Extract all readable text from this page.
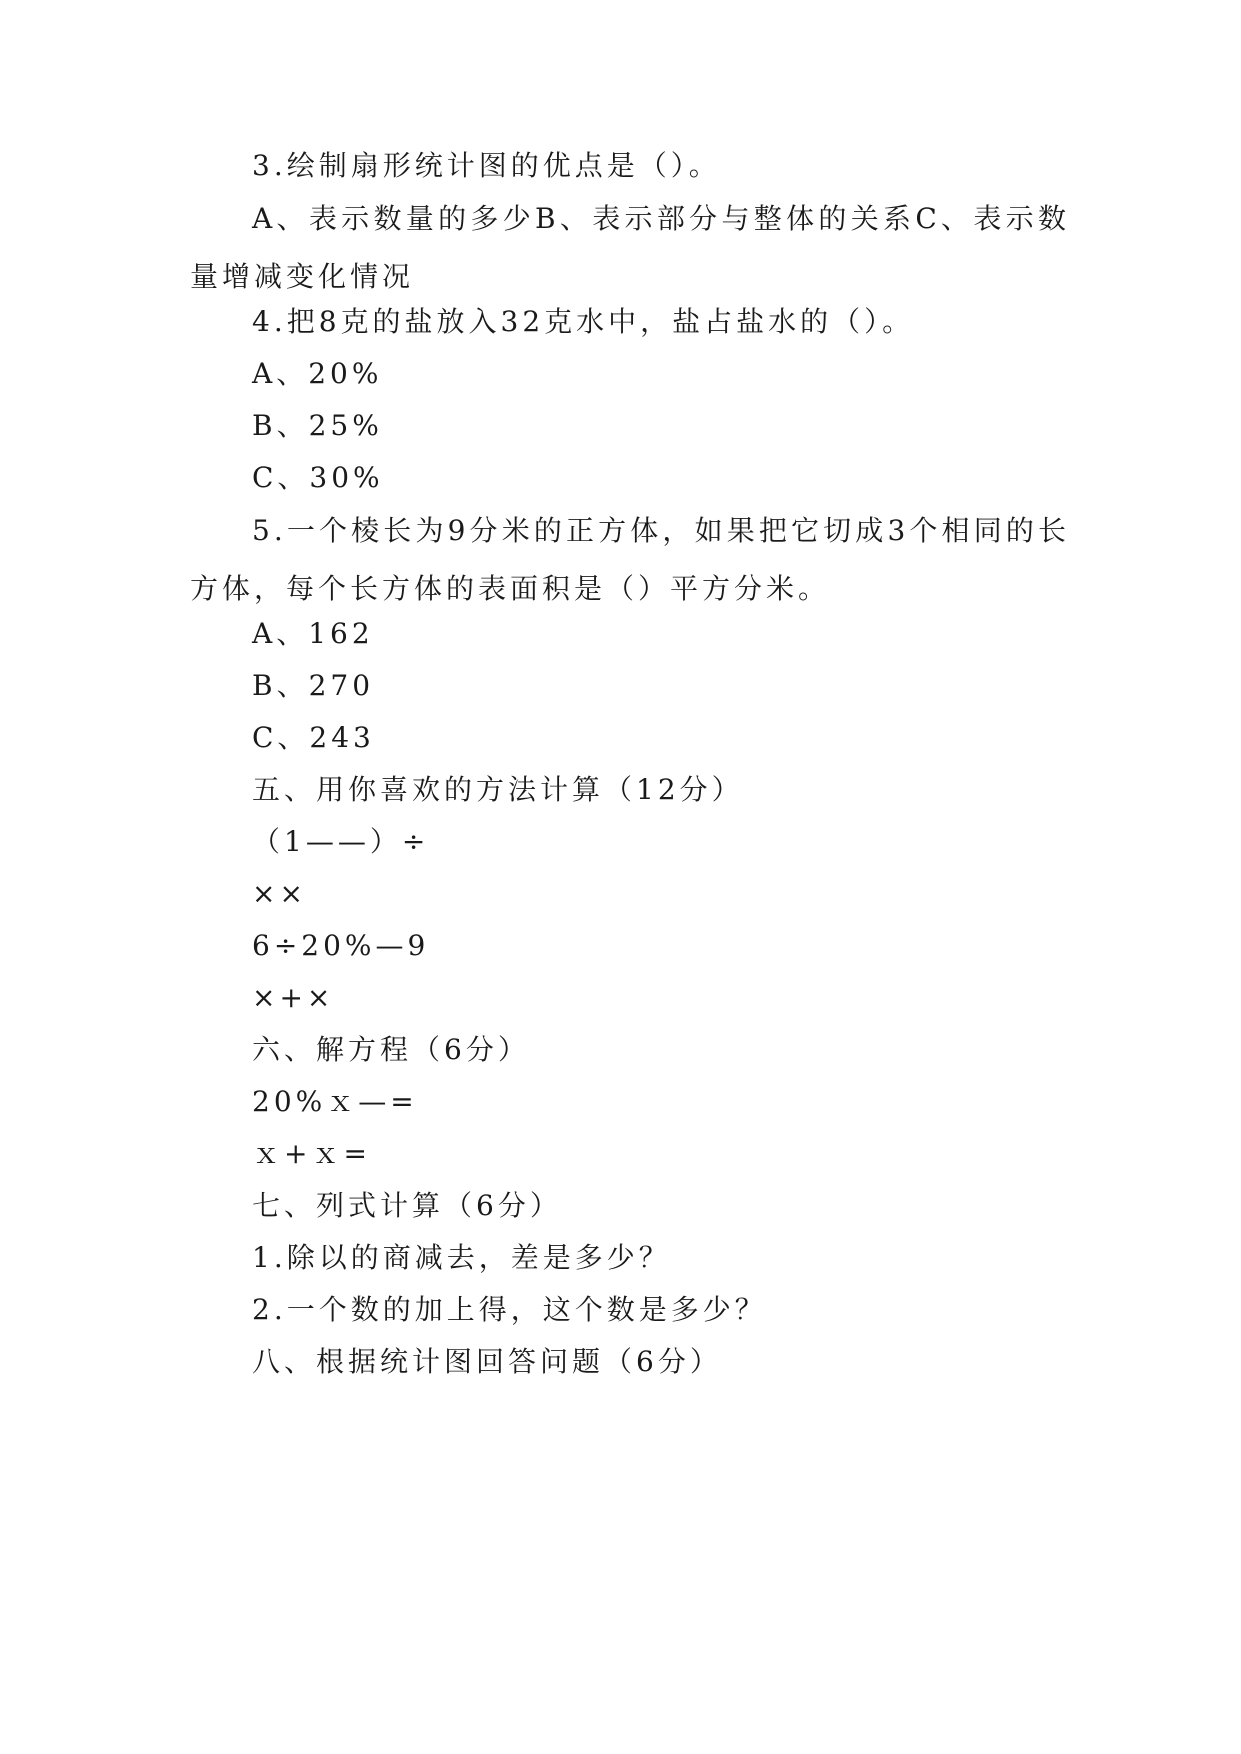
3.绘制扇形统计图的优点是（）。
A、表示数量的多少B、表示部分与整体的关系C、表示数量增减变化情况
4.把8克的盐放入32克水中，盐占盐水的（）。
A、20%
B、25%
C、30%
5.一个棱长为9分米的正方体，如果把它切成3个相同的长方体，每个长方体的表面积是（）平方分米。
A、162
B、270
C、243
五、用你喜欢的方法计算（12分）
（1——）÷
××
6÷20%—9
×+×
六、解方程（6分）
20%ｘ—=
ｘ+ｘ=
七、列式计算（6分）
1.除以的商减去，差是多少？
2.一个数的加上得，这个数是多少？
八、根据统计图回答问题（6分）
